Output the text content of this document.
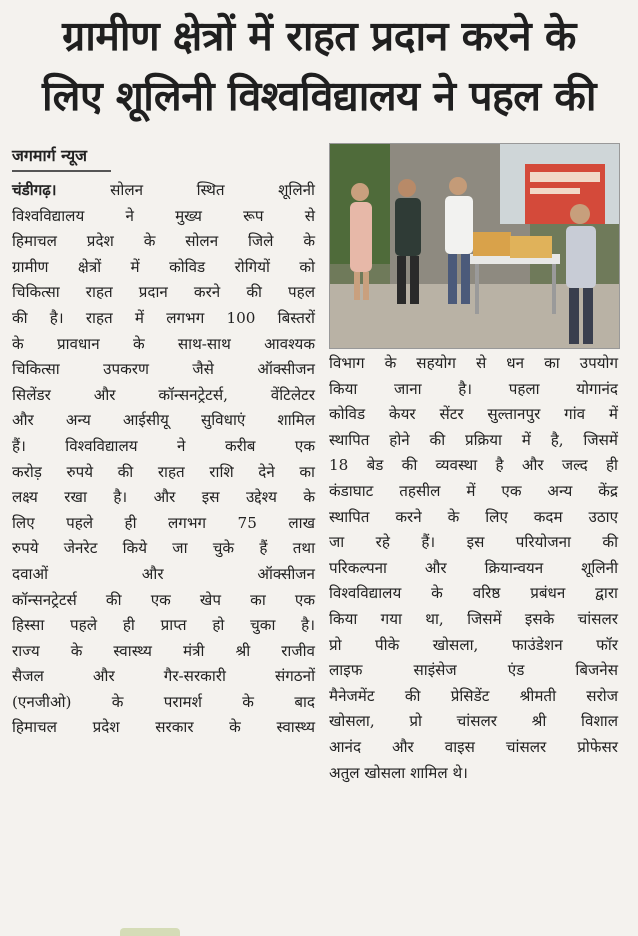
ग्रामीण क्षेत्रों में राहत प्रदान करने के
लिए शूलिनी विश्वविद्यालय ने पहल की
जगमार्ग न्यूज

चंडीगढ़।	सोलन स्थित शूलिनी

विश्वविद्यालय ने मुख्य रूप से

हिमाचल प्रदेश के सोलन जिले के

ग्रामीण क्षेत्रों में कोविड रोगियों को

चिकित्सा राहत प्रदान करने की पहल

की है। राहत में लगभग 100 बिस्तरों

के प्रावधान के साथ-साथ आवश्यक

चिकित्सा उपकरण जैसे ऑक्सीजन

सिलेंडर और कॉन्सनट्रेटर्स, वेंटिलेटर

और अन्य आईसीयू सुविधाएं शामिल

हैं। विश्वविद्यालय ने करीब एक

करोड़ रुपये की राहत राशि देने का

लक्ष्य रखा है। और इस उद्देश्य के

लिए पहले ही लगभग 75 लाख

रुपये जेनरेट किये जा चुके हैं तथा

दवाओं और ऑक्सीजन

कॉन्सनट्रेटर्स की एक खेप का एक

हिस्सा पहले ही प्राप्त हो चुका है।

राज्य के स्वास्थ्य मंत्री श्री राजीव

सैजल और गैर-सरकारी संगठनों

(एनजीओ) के परामर्श के बाद

हिमाचल प्रदेश सरकार के स्वास्थ्य

विभाग के सहयोग से धन का उपयोग

किया जाना है। पहला योगानंद

कोविड केयर सेंटर सुल्तानपुर गांव में

स्थापित होने की प्रक्रिया में है, जिसमें

18 बेड की व्यवस्था है और जल्द ही

कंडाघाट तहसील में एक अन्य केंद्र

स्थापित करने के लिए कदम उठाए

जा रहे हैं। इस परियोजना की

परिकल्पना और क्रियान्वयन शूलिनी

विश्वविद्यालय के वरिष्ठ प्रबंधन द्वारा

किया गया था, जिसमें इसके चांसलर

प्रो पीके खोसला, फाउंडेशन फॉर

लाइफ साइंसेज एंड बिजनेस

मैनेजमेंट की प्रेसिडेंट श्रीमती सरोज

खोसला, प्रो चांसलर श्री विशाल

आनंद और वाइस चांसलर प्रोफेसर

अतुल खोसला शामिल थे।
